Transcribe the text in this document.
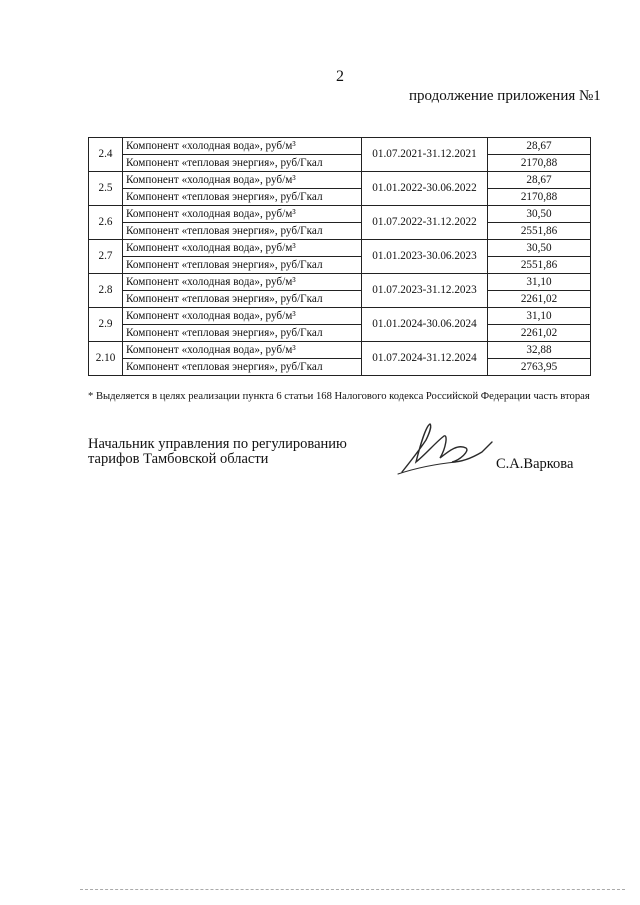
2
продолжение приложения №1
2.4	Компонент «холодная вода», руб/м³	01.07.2021-31.12.2021	28,67
	Компонент «тепловая энергия», руб/Гкал		2170,88
2.5	Компонент «холодная вода», руб/м³	01.01.2022-30.06.2022	28,67
	Компонент «тепловая энергия», руб/Гкал		2170,88
2.6	Компонент «холодная вода», руб/м³	01.07.2022-31.12.2022	30,50
	Компонент «тепловая энергия», руб/Гкал		2551,86
2.7	Компонент «холодная вода», руб/м³	01.01.2023-30.06.2023	30,50
	Компонент «тепловая энергия», руб/Гкал		2551,86
2.8	Компонент «холодная вода», руб/м³	01.07.2023-31.12.2023	31,10
	Компонент «тепловая энергия», руб/Гкал		2261,02
2.9	Компонент «холодная вода», руб/м³	01.01.2024-30.06.2024	31,10
	Компонент «тепловая энергия», руб/Гкал		2261,02
2.10	Компонент «холодная вода», руб/м³	01.07.2024-31.12.2024	32,88
	Компонент «тепловая энергия», руб/Гкал		2763,95
* Выделяется в целях реализации пункта 6 статьи 168 Налогового кодекса Российской Федерации часть вторая
Начальник управления по регулированию
тарифов Тамбовской области	С.А.Варкова
